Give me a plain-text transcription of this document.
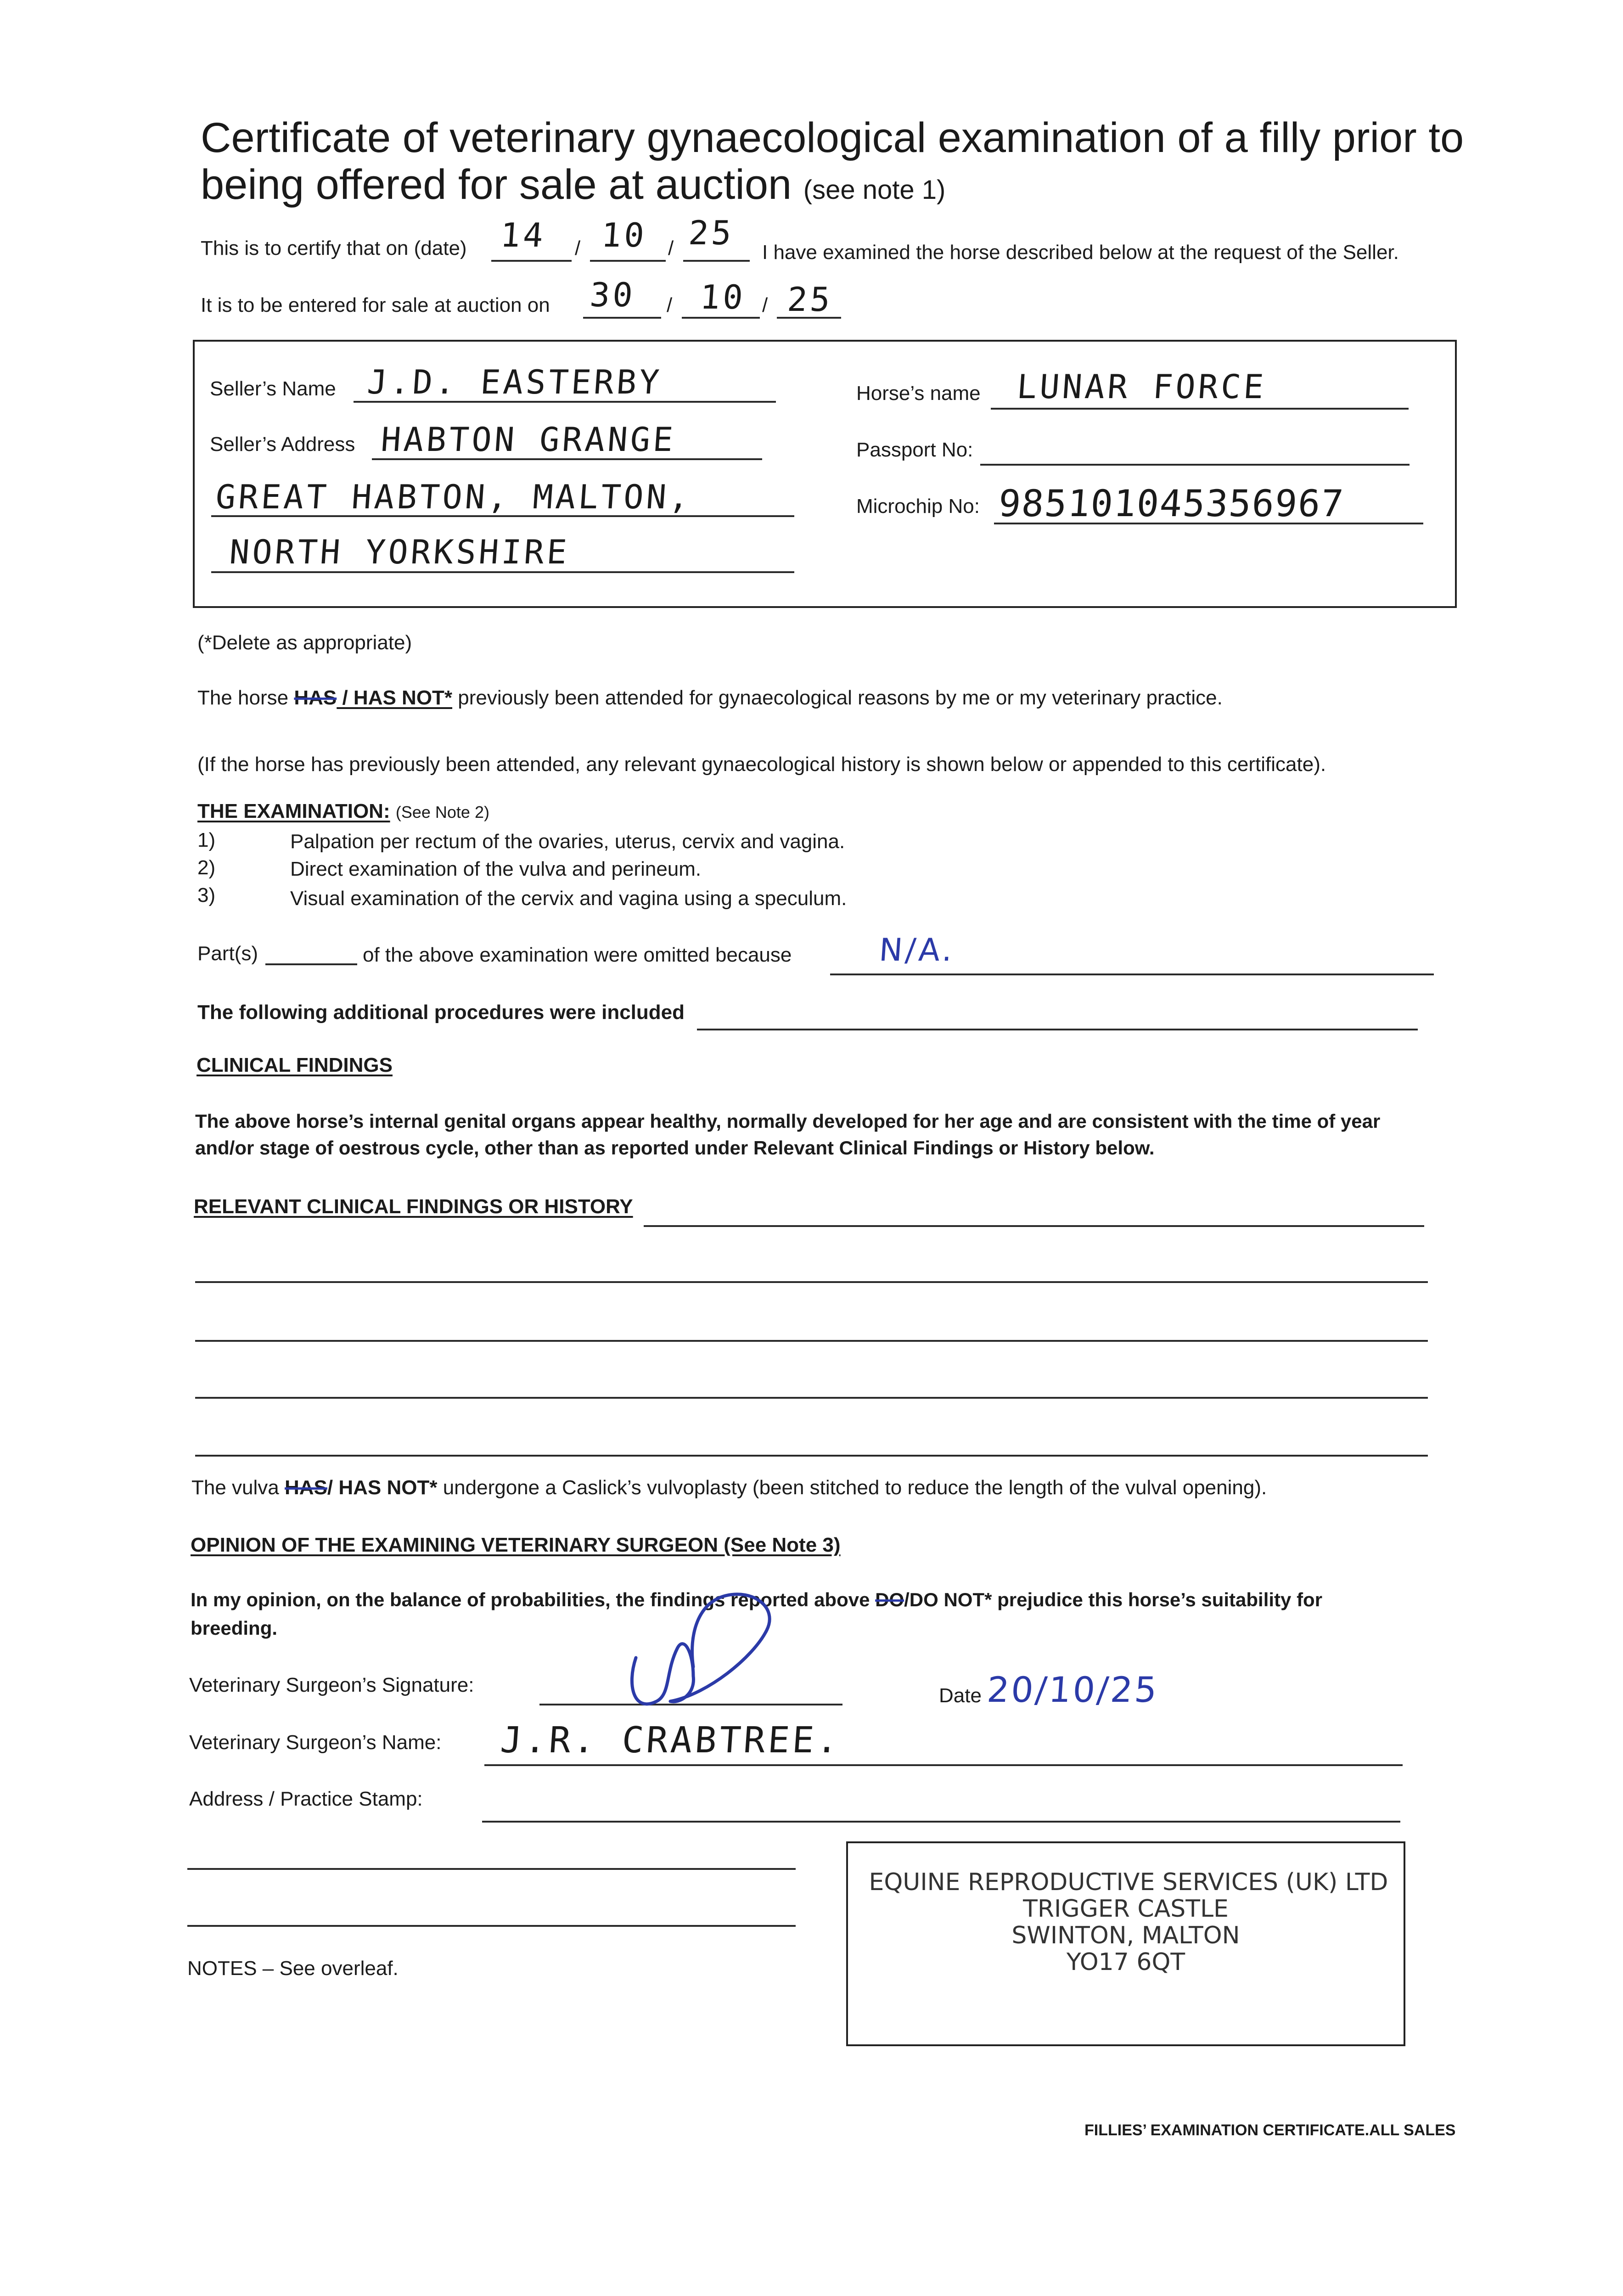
Certificate of veterinary gynaecological examination of a filly prior to
being offered for sale at auction (see note 1)
This is to certify that on (date) 14 / 10 / 25
I have examined the horse described below at the request of the Seller.
It is to be entered for sale at auction on 30 / 10 / 25
Seller’s Name J.D. EASTERBY
Seller’s Address HABTON GRANGE
GREAT HABTON, MALTON,
NORTH YORKSHIRE
Horse’s name LUNAR FORCE
Passport No:
Microchip No: 985101045356967
(*Delete as appropriate)
The horse HAS / HAS NOT* previously been attended for gynaecological reasons by me or my veterinary practice.
(If the horse has previously been attended, any relevant gynaecological history is shown below or appended to this certificate).
THE EXAMINATION: (See Note 2)
1)	Palpation per rectum of the ovaries, uterus, cervix and vagina.
2)	Direct examination of the vulva and perineum.
3)	Visual examination of the cervix and vagina using a speculum.
Part(s)	of the above examination were omitted because	N/A.
The following additional procedures were included
CLINICAL FINDINGS
The above horse’s internal genital organs appear healthy, normally developed for her age and are consistent with the time of year
and/or stage of oestrous cycle, other than as reported under Relevant Clinical Findings or History below.
RELEVANT CLINICAL FINDINGS OR HISTORY
The vulva HAS/ HAS NOT* undergone a Caslick’s vulvoplasty (been stitched to reduce the length of the vulval opening).
OPINION OF THE EXAMINING VETERINARY SURGEON (See Note 3)
In my opinion, on the balance of probabilities, the findings reported above DO/DO NOT* prejudice this horse’s suitability for
breeding.
Veterinary Surgeon’s Signature:	Date 20/10/25
Veterinary Surgeon’s Name: J.R. CRABTREE.
Address / Practice Stamp:
EQUINE REPRODUCTIVE SERVICES (UK) LTD
TRIGGER CASTLE
SWINTON, MALTON
YO17 6QT
NOTES – See overleaf.
FILLIES’ EXAMINATION CERTIFICATE.ALL SALES
